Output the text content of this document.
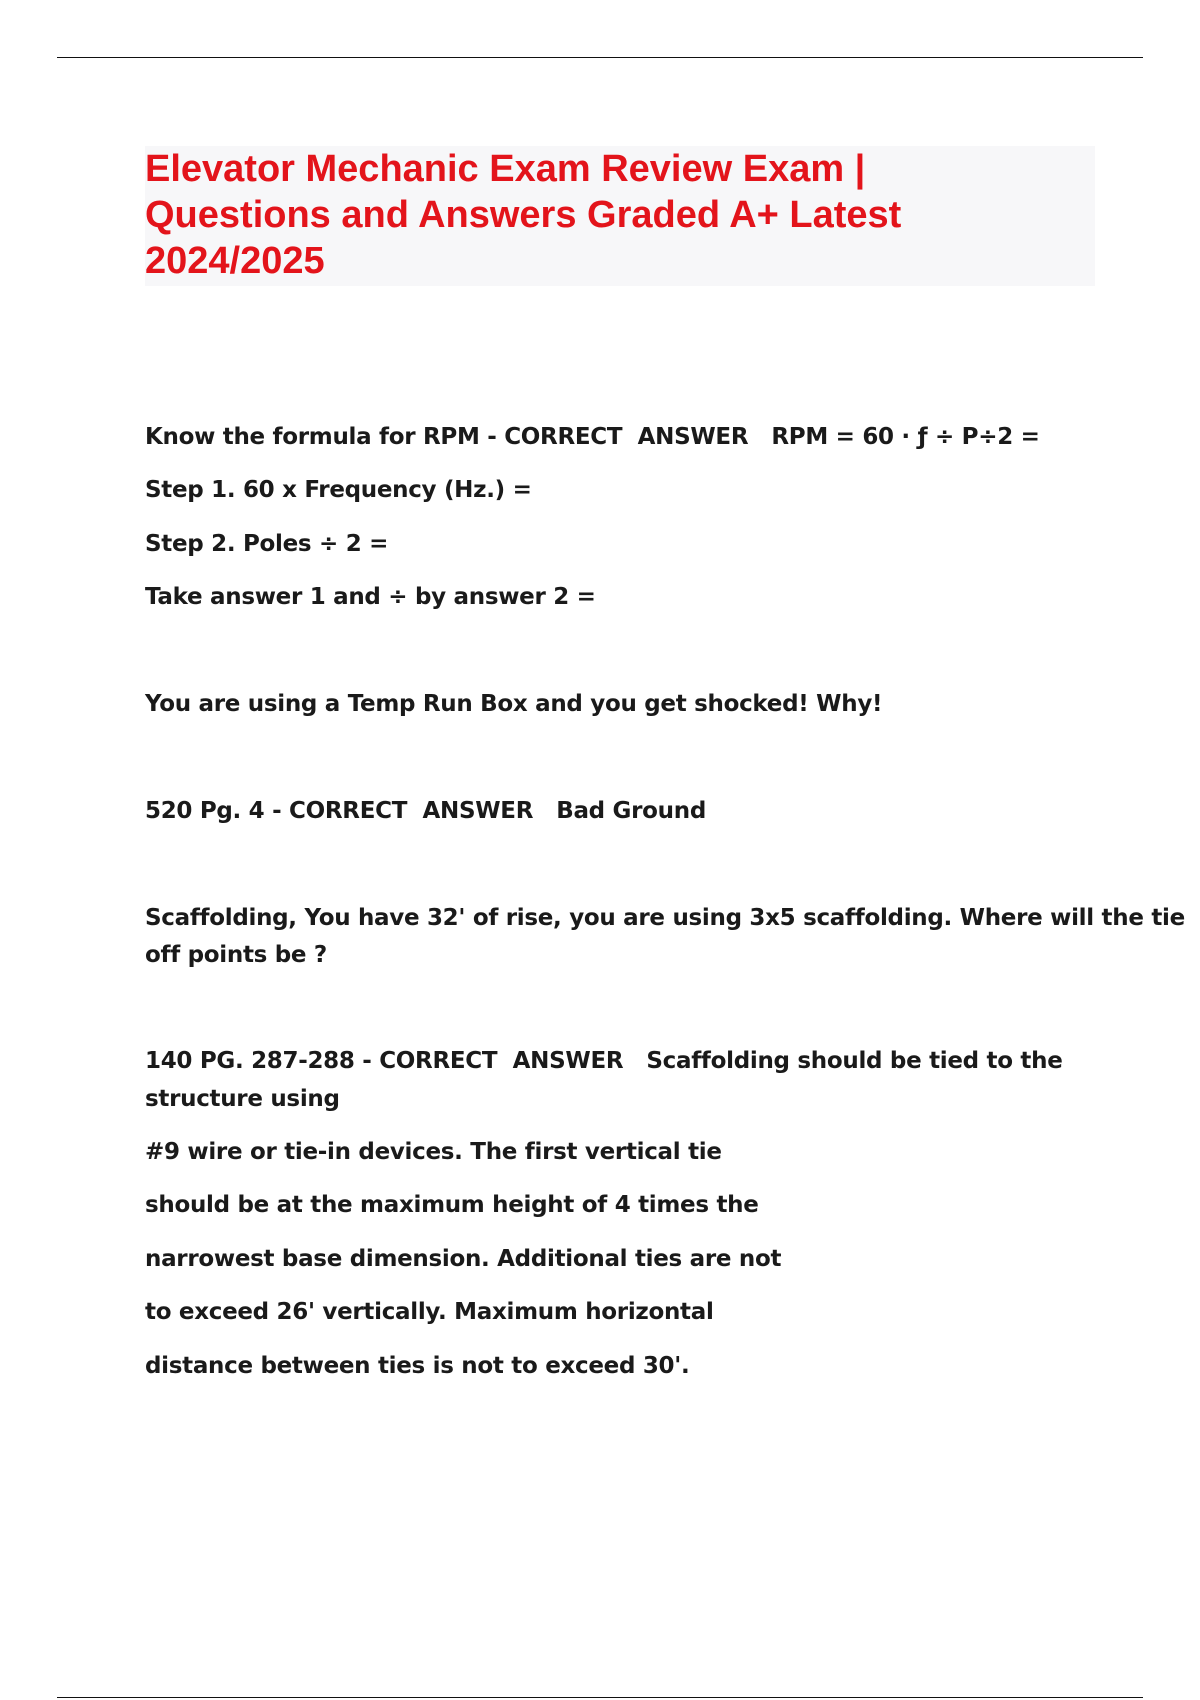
Elevator Mechanic Exam Review Exam |
Questions and Answers Graded A+ Latest
2024/2025

Know the formula for RPM - CORRECT  ANSWER   RPM = 60 · ƒ ÷ P÷2 =

Step 1. 60 x Frequency (Hz.) =

Step 2. Poles ÷ 2 =

Take answer 1 and ÷ by answer 2 =

You are using a Temp Run Box and you get shocked! Why!

520 Pg. 4 - CORRECT  ANSWER   Bad Ground

Scaffolding, You have 32' of rise, you are using 3x5 scaffolding. Where will the tie

off points be ?

140 PG. 287-288 - CORRECT  ANSWER   Scaffolding should be tied to the

structure using

#9 wire or tie-in devices. The first vertical tie

should be at the maximum height of 4 times the

narrowest base dimension. Additional ties are not

to exceed 26' vertically. Maximum horizontal

distance between ties is not to exceed 30'.
